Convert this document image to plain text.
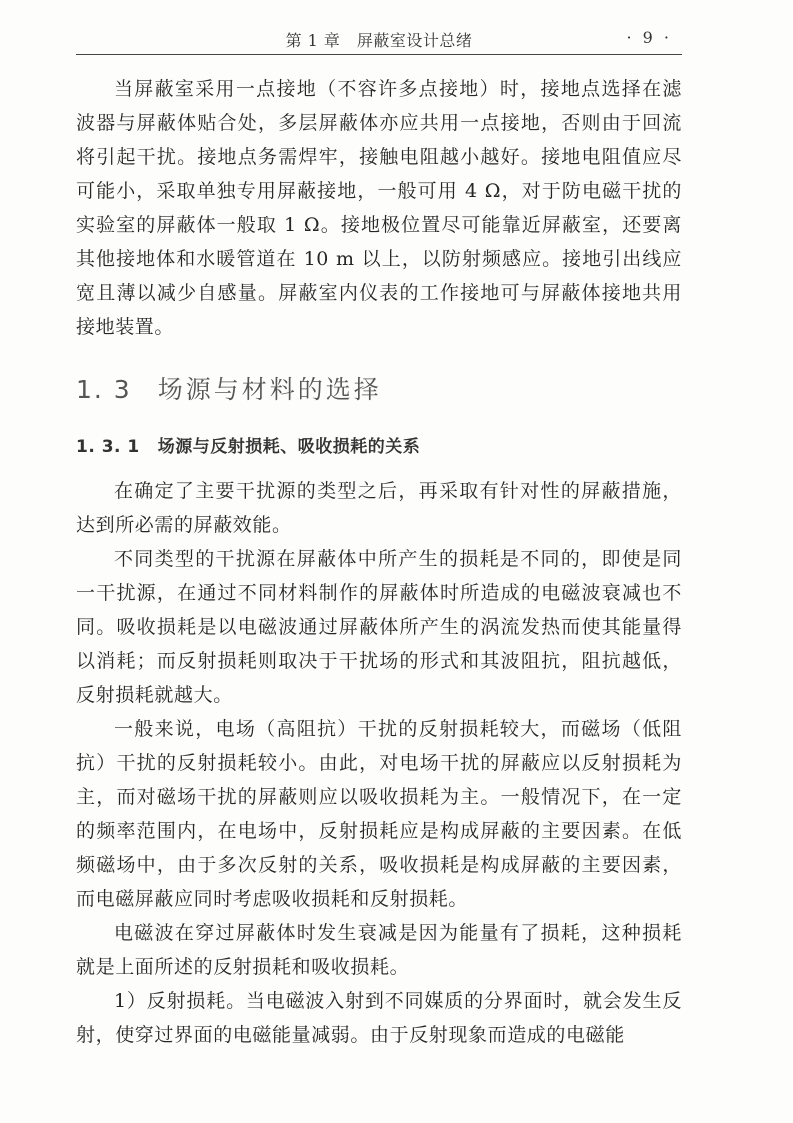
第 1 章　屏蔽室设计总绪	· 9 ·

当屏蔽室采用一点接地（不容许多点接地）时，接地点选择在滤波器与屏蔽体贴合处，多层屏蔽体亦应共用一点接地，否则由于回流将引起干扰。接地点务需焊牢，接触电阻越小越好。接地电阻值应尽可能小，采取单独专用屏蔽接地，一般可用 4 Ω，对于防电磁干扰的实验室的屏蔽体一般取 1 Ω。接地极位置尽可能靠近屏蔽室，还要离其他接地体和水暖管道在 10 m 以上，以防射频感应。接地引出线应宽且薄以减少自感量。屏蔽室内仪表的工作接地可与屏蔽体接地共用接地装置。

1. 3 场源与材料的选择
1. 3. 1 场源与反射损耗、吸收损耗的关系

在确定了主要干扰源的类型之后，再采取有针对性的屏蔽措施，达到所必需的屏蔽效能。

不同类型的干扰源在屏蔽体中所产生的损耗是不同的，即使是同一干扰源，在通过不同材料制作的屏蔽体时所造成的电磁波衰减也不同。吸收损耗是以电磁波通过屏蔽体所产生的涡流发热而使其能量得以消耗；而反射损耗则取决于干扰场的形式和其波阻抗，阻抗越低，反射损耗就越大。

一般来说，电场（高阻抗）干扰的反射损耗较大，而磁场（低阻抗）干扰的反射损耗较小。由此，对电场干扰的屏蔽应以反射损耗为主，而对磁场干扰的屏蔽则应以吸收损耗为主。一般情况下，在一定的频率范围内，在电场中，反射损耗应是构成屏蔽的主要因素。在低频磁场中，由于多次反射的关系，吸收损耗是构成屏蔽的主要因素，而电磁屏蔽应同时考虑吸收损耗和反射损耗。

电磁波在穿过屏蔽体时发生衰减是因为能量有了损耗，这种损耗就是上面所述的反射损耗和吸收损耗。

1）反射损耗。当电磁波入射到不同媒质的分界面时，就会发生反射，使穿过界面的电磁能量减弱。由于反射现象而造成的电磁能
